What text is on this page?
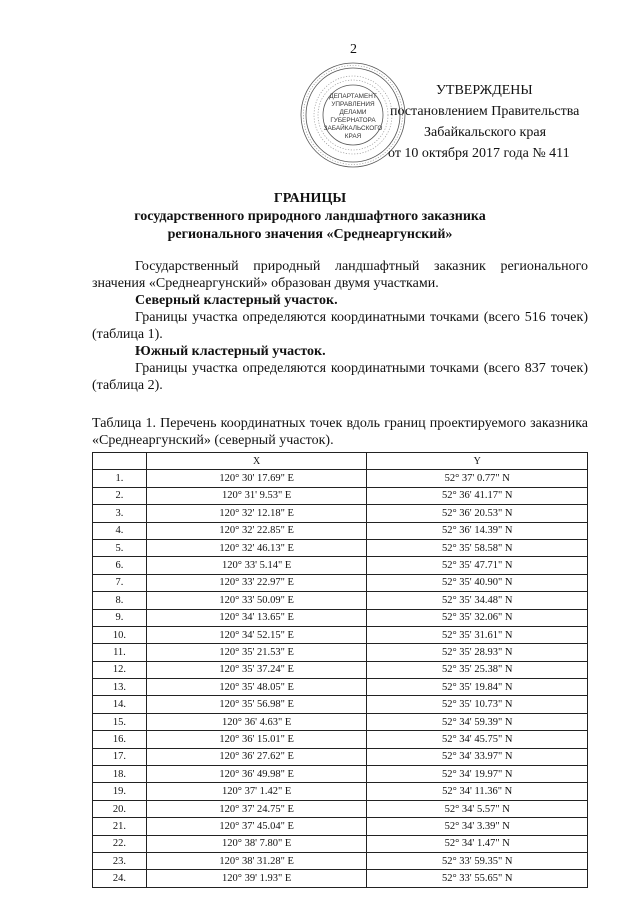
2
ДЕПАРТАМЕНТ
УПРАВЛЕНИЯ
ДЕЛАМИ
ГУБЕРНАТОРА
ЗАБАЙКАЛЬСКОГО
КРАЯ
УТВЕРЖДЕНЫ
постановлением Правительства
Забайкальского края
от 10 октября 2017 года № 411
ГРАНИЦЫ
государственного природного ландшафтного заказника
регионального значения «Среднеаргунский»

Государственный природный ландшафтный заказник регионального значения «Среднеаргунский» образован двумя участками.

Северный кластерный участок.

Границы участка определяются координатными точками (всего 516 точек) (таблица 1).

Южный кластерный участок.

Границы участка определяются координатными точками (всего 837 точек) (таблица 2).

Таблица 1. Перечень координатных точек вдоль границ проектируемого заказника «Среднеаргунский» (северный участок).
	X	Y
1.	120° 30' 17.69" E	52° 37' 0.77" N
2.	120° 31' 9.53" E	52° 36' 41.17" N
3.	120° 32' 12.18" E	52° 36' 20.53" N
4.	120° 32' 22.85" E	52° 36' 14.39" N
5.	120° 32' 46.13" E	52° 35' 58.58" N
6.	120° 33' 5.14" E	52° 35' 47.71" N
7.	120° 33' 22.97" E	52° 35' 40.90" N
8.	120° 33' 50.09" E	52° 35' 34.48" N
9.	120° 34' 13.65" E	52° 35' 32.06" N
10.	120° 34' 52.15" E	52° 35' 31.61" N
11.	120° 35' 21.53" E	52° 35' 28.93" N
12.	120° 35' 37.24" E	52° 35' 25.38" N
13.	120° 35' 48.05" E	52° 35' 19.84" N
14.	120° 35' 56.98" E	52° 35' 10.73" N
15.	120° 36' 4.63" E	52° 34' 59.39" N
16.	120° 36' 15.01" E	52° 34' 45.75" N
17.	120° 36' 27.62" E	52° 34' 33.97" N
18.	120° 36' 49.98" E	52° 34' 19.97" N
19.	120° 37' 1.42" E	52° 34' 11.36" N
20.	120° 37' 24.75" E	52° 34' 5.57" N
21.	120° 37' 45.04" E	52° 34' 3.39" N
22.	120° 38' 7.80" E	52° 34' 1.47" N
23.	120° 38' 31.28" E	52° 33' 59.35" N
24.	120° 39' 1.93" E	52° 33' 55.65" N
